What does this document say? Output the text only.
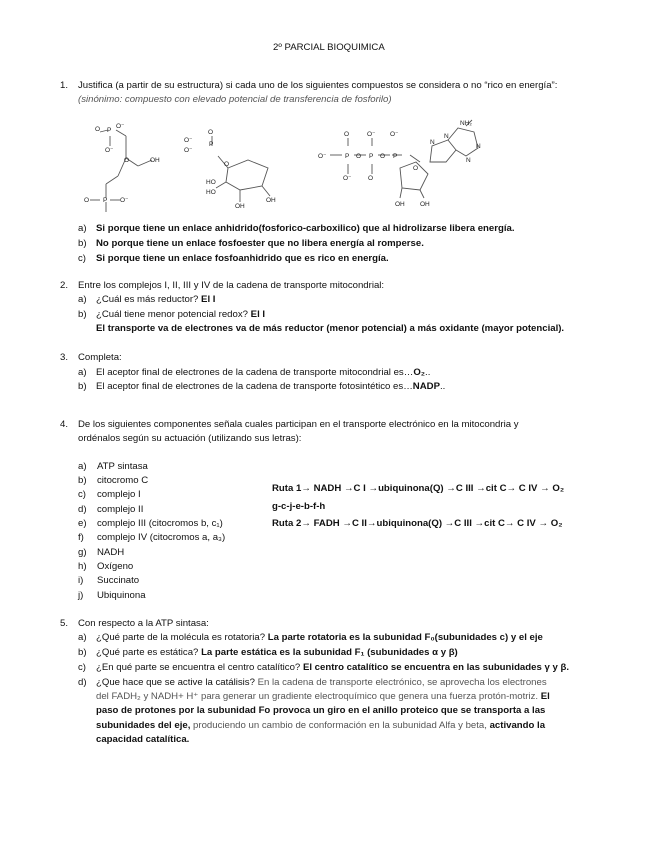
2º PARCIAL BIOQUIMICA
1. Justifica (a partir de su estructura) si cada uno de los siguientes compuestos se considera o no “rico en energía”:
(sinónimo: compuesto con elevado potencial de transferencia de fosforilo)
O P
O⁻
O⁻
O	OH
O P O⁻
O
P
O⁻
O
HO
HO
OH
OH
O⁻
O
P
O⁻
O⁻
O P
O⁻
O P
O
O⁻
O
NH₂
N
N
N
N
OH OH
a) Si porque tiene un enlace anhidrido(fosforico-carboxilico) que al hidrolizarse libera energía.
b) No porque tiene un enlace fosfoester que no libera energía al romperse.
c) Si porque tiene un enlace fosfoanhidrido que es rico en energía.
2. Entre los complejos I, II, III y IV de la cadena de transporte mitocondrial:
a) ¿Cuál es más reductor? El I
b) ¿Cuál tiene menor potencial redox? El I
El transporte va de electrones va de más reductor (menor potencial) a más oxidante (mayor potencial).
3. Completa:
a) El aceptor final de electrones de la cadena de transporte mitocondrial es…O₂..
b) El aceptor final de electrones de la cadena de transporte fotosintético es…NADP..
4. De los siguientes componentes señala cuales participan en el transporte electrónico en la mitocondria y
ordénalos según su actuación (utilizando sus letras):
a) ATP sintasa
b) citocromo C
c) complejo I
d) complejo II
e) complejo III (citocromos b, c₁)
f) complejo IV (citocromos a, a₃)
g) NADH
h) Oxígeno
i) Succinato
j) Ubiquinona
Ruta 1→ NADH →C I →ubiquinona(Q) →C III →cit C→ C IV → O₂
g-c-j-e-b-f-h
Ruta 2→ FADH →C II→ubiquinona(Q) →C III →cit C→ C IV → O₂
5. Con respecto a la ATP sintasa:
a) ¿Qué parte de la molécula es rotatoria? La parte rotatoria es la subunidad F₀(subunidades c) y el eje
b) ¿Qué parte es estática? La parte estática es la subunidad F₁ (subunidades α y β)
c) ¿En qué parte se encuentra el centro catalítico? El centro catalítico se encuentra en las subunidades γ y β.
d) ¿Que hace que se active la catálisis? En la cadena de transporte electrónico, se aprovecha los electrones
del FADH₂ y NADH+ H⁺ para generar un gradiente electroquímico que genera una fuerza protón-motriz. El
paso de protones por la subunidad Fo provoca un giro en el anillo proteico que se transporta a las
subunidades del eje, produciendo un cambio de conformación en la subunidad Alfa y beta, activando la
capacidad catalítica.
